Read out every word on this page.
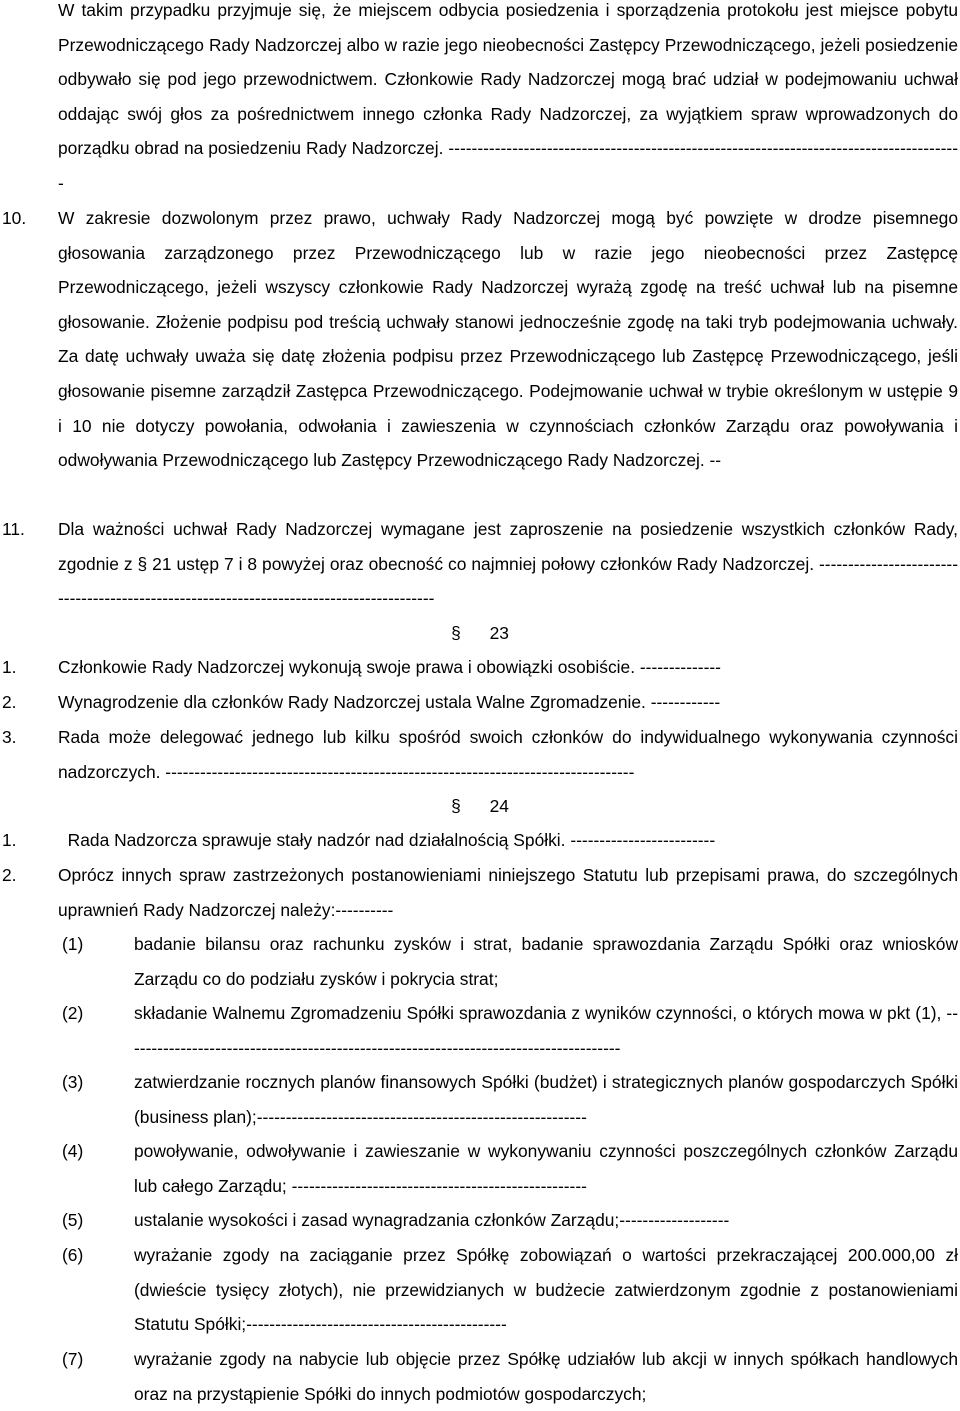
W takim przypadku przyjmuje się, że miejscem odbycia posiedzenia i sporządzenia protokołu jest miejsce pobytu Przewodniczącego Rady Nadzorczej albo w razie jego nieobecności Zastępcy Przewodniczącego, jeżeli posiedzenie odbywało się pod jego przewodnictwem. Członkowie Rady Nadzorczej mogą brać udział w podejmowaniu uchwał oddając swój głos za pośrednictwem innego członka Rady Nadzorczej, za wyjątkiem spraw wprowadzonych do porządku obrad na posiedzeniu Rady Nadzorczej. -----------------------------------------------------------------------------------------
10. W zakresie dozwolonym przez prawo, uchwały Rady Nadzorczej mogą być powzięte w drodze pisemnego głosowania zarządzonego przez Przewodniczącego lub w razie jego nieobecności przez Zastępcę Przewodniczącego, jeżeli wszyscy członkowie Rady Nadzorczej wyrażą zgodę na treść uchwał lub na pisemne głosowanie. Złożenie podpisu pod treścią uchwały stanowi jednocześnie zgodę na taki tryb podejmowania uchwały. Za datę uchwały uważa się datę złożenia podpisu przez Przewodniczącego lub Zastępcę Przewodniczącego, jeśli głosowanie pisemne zarządził Zastępca Przewodniczącego. Podejmowanie uchwał w trybie określonym w ustępie 9 i 10 nie dotyczy powołania, odwołania i zawieszenia w czynnościach członków Zarządu oraz powoływania i odwoływania Przewodniczącego lub Zastępcy Przewodniczącego Rady Nadzorczej. --
11. Dla ważności uchwał Rady Nadzorczej wymagane jest zaproszenie na posiedzenie wszystkich członków Rady, zgodnie z § 21 ustęp 7 i 8 powyżej oraz obecność co najmniej połowy członków Rady Nadzorczej. -----------------------------------------------------------------------------------------
§ 23
1. Członkowie Rady Nadzorczej wykonują swoje prawa i obowiązki osobiście. --------------
2. Wynagrodzenie dla członków Rady Nadzorczej ustala Walne Zgromadzenie. ------------
3. Rada może delegować jednego lub kilku spośród swoich członków do indywidualnego wykonywania czynności nadzorczych. ---------------------------------------------------------------------------------
§ 24
1. Rada Nadzorcza sprawuje stały nadzór nad działalnością Spółki. -------------------------
2. Oprócz innych spraw zastrzeżonych postanowieniami niniejszego Statutu lub przepisami prawa, do szczególnych uprawnień Rady Nadzorczej należy:----------
(1)	badanie bilansu oraz rachunku zysków i strat, badanie sprawozdania Zarządu Spółki oraz wniosków Zarządu co do podziału zysków i pokrycia strat;
(2)	składanie Walnemu Zgromadzeniu Spółki sprawozdania z wyników czynności, o których mowa w pkt (1), --------------------------------------------------------------------------------------
(3)	zatwierdzanie rocznych planów finansowych Spółki (budżet) i strategicznych planów gospodarczych Spółki (business plan);---------------------------------------------------------
(4)	powoływanie, odwoływanie i zawieszanie w wykonywaniu czynności poszczególnych członków Zarządu lub całego Zarządu; ---------------------------------------------------
(5)	ustalanie wysokości i zasad wynagradzania członków Zarządu;-------------------
(6)	wyrażanie zgody na zaciąganie przez Spółkę zobowiązań o wartości przekraczającej 200.000,00 zł (dwieście tysięcy złotych), nie przewidzianych w budżecie zatwierdzonym zgodnie z postanowieniami Statutu Spółki;---------------------------------------------
(7)	wyrażanie zgody na nabycie lub objęcie przez Spółkę udziałów lub akcji w innych spółkach handlowych oraz na przystąpienie Spółki do innych podmiotów gospodarczych;
